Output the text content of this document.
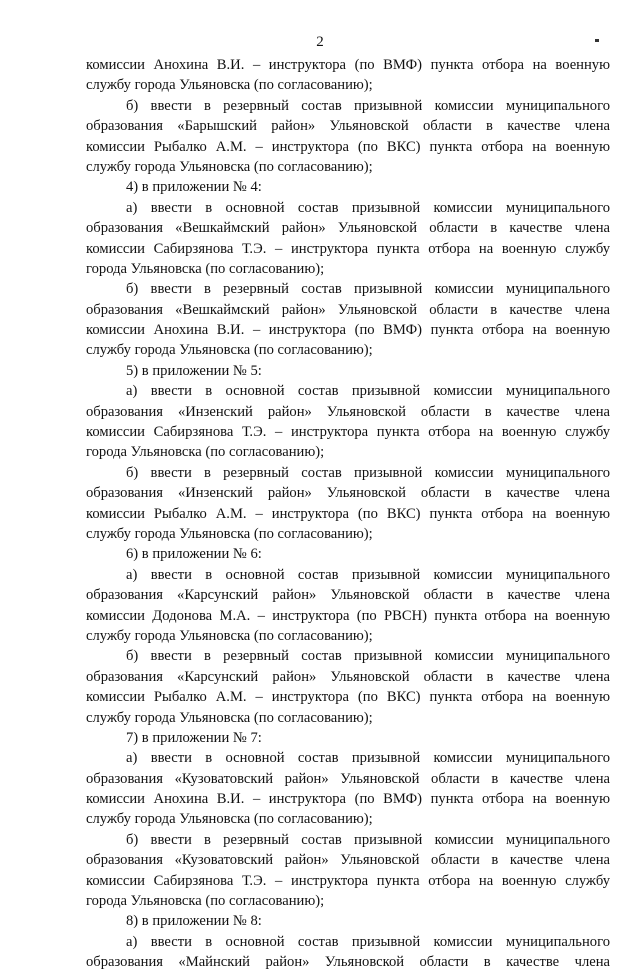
2
комиссии Анохина В.И. – инструктора (по ВМФ) пункта отбора на военную
службу города Ульяновска (по согласованию);
б) ввести в резервный состав призывной комиссии муниципального
образования «Барышский район» Ульяновской области в качестве члена
комиссии Рыбалко А.М. – инструктора (по ВКС) пункта отбора на военную
службу города Ульяновска (по согласованию);
4) в приложении № 4:
а) ввести в основной состав призывной комиссии муниципального
образования «Вешкаймский район» Ульяновской области в качестве члена
комиссии Сабирзянова Т.Э. – инструктора пункта отбора на военную службу
города Ульяновска (по согласованию);
б) ввести в резервный состав призывной комиссии муниципального
образования «Вешкаймский район» Ульяновской области в качестве члена
комиссии Анохина В.И. – инструктора (по ВМФ) пункта отбора на военную
службу города Ульяновска (по согласованию);
5) в приложении № 5:
а) ввести в основной состав призывной комиссии муниципального
образования «Инзенский район» Ульяновской области в качестве члена
комиссии Сабирзянова Т.Э. – инструктора пункта отбора на военную службу
города Ульяновска (по согласованию);
б) ввести в резервный состав призывной комиссии муниципального
образования «Инзенский район» Ульяновской области в качестве члена
комиссии Рыбалко А.М. – инструктора (по ВКС) пункта отбора на военную
службу города Ульяновска (по согласованию);
6) в приложении № 6:
а) ввести в основной состав призывной комиссии муниципального
образования «Карсунский район» Ульяновской области в качестве члена
комиссии Додонова М.А. – инструктора (по РВСН) пункта отбора на военную
службу города Ульяновска (по согласованию);
б) ввести в резервный состав призывной комиссии муниципального
образования «Карсунский район» Ульяновской области в качестве члена
комиссии Рыбалко А.М. – инструктора (по ВКС) пункта отбора на военную
службу города Ульяновска (по согласованию);
7) в приложении № 7:
а) ввести в основной состав призывной комиссии муниципального
образования «Кузоватовский район» Ульяновской области в качестве члена
комиссии Анохина В.И. – инструктора (по ВМФ) пункта отбора на военную
службу города Ульяновска (по согласованию);
б) ввести в резервный состав призывной комиссии муниципального
образования «Кузоватовский район» Ульяновской области в качестве члена
комиссии Сабирзянова Т.Э. – инструктора пункта отбора на военную службу
города Ульяновска (по согласованию);
8) в приложении № 8:
а) ввести в основной состав призывной комиссии муниципального
образования «Майнский район» Ульяновской области в качестве члена
